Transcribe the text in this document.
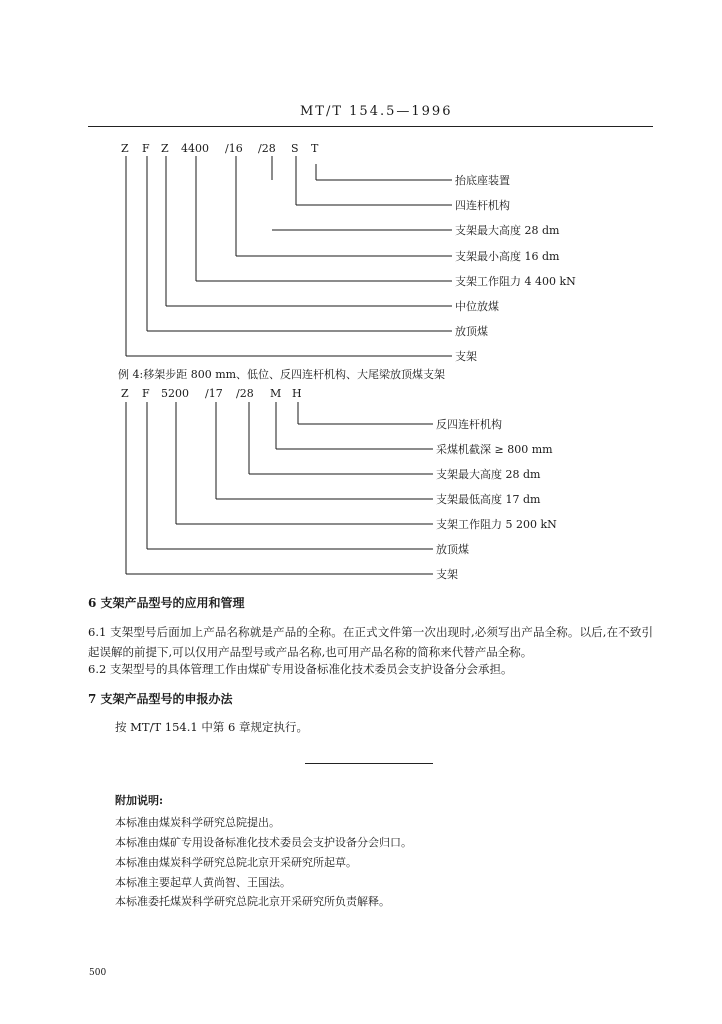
MT/T 154.5—1996
Z F Z 4400 /16 /28 S T
抬底座装置
四连杆机构
支架最大高度 28 dm
支架最小高度 16 dm
支架工作阻力 4 400 kN
中位放煤
放顶煤
支架
Z F 5200 /17 /28 M H
反四连杆机构
采煤机截深 ≥ 800 mm
支架最大高度 28 dm
支架最低高度 17 dm
支架工作阻力 5 200 kN
放顶煤
支架
例 4:移架步距 800 mm、低位、反四连杆机构、大尾梁放顶煤支架
6 支架产品型号的应用和管理
6.1 支架型号后面加上产品名称就是产品的全称。在正式文件第一次出现时,必须写出产品全称。以后,在不致引起误解的前提下,可以仅用产品型号或产品名称,也可用产品名称的简称来代替产品全称。
6.2 支架型号的具体管理工作由煤矿专用设备标准化技术委员会支护设备分会承担。
7 支架产品型号的申报办法
按 MT/T 154.1 中第 6 章规定执行。
附加说明:
本标准由煤炭科学研究总院提出。
本标准由煤矿专用设备标准化技术委员会支护设备分会归口。
本标准由煤炭科学研究总院北京开采研究所起草。
本标准主要起草人黄尚智、王国法。
本标准委托煤炭科学研究总院北京开采研究所负责解释。
500
